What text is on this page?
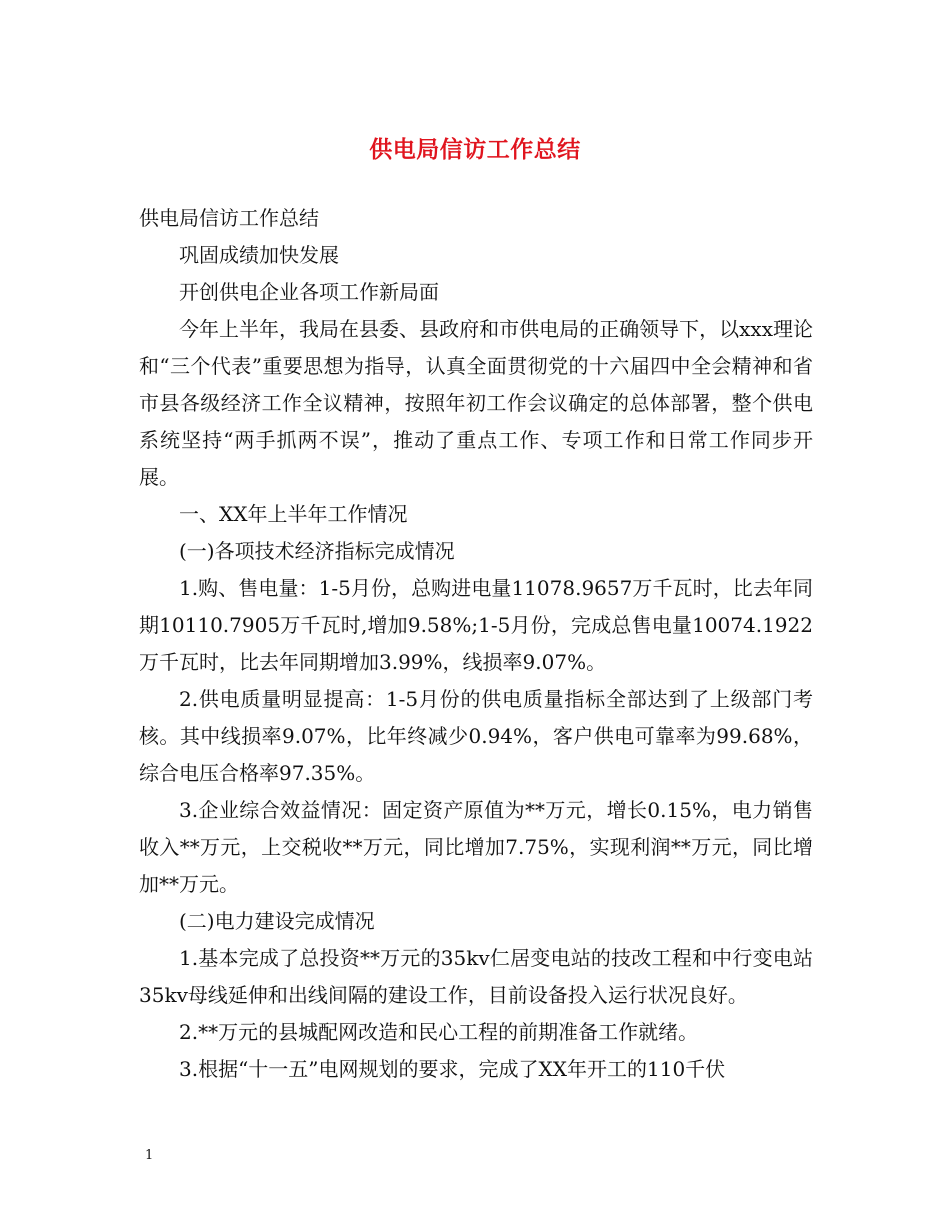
供电局信访工作总结

供电局信访工作总结

巩固成绩加快发展

开创供电企业各项工作新局面

今年上半年，我局在县委、县政府和市供电局的正确领导下，以xxx理论和“三个代表”重要思想为指导，认真全面贯彻党的十六届四中全会精神和省市县各级经济工作全议精神，按照年初工作会议确定的总体部署，整个供电系统坚持“两手抓两不误”，推动了重点工作、专项工作和日常工作同步开展。

一、XX年上半年工作情况

(一)各项技术经济指标完成情况

1.购、售电量：1-5月份，总购进电量11078.9657万千瓦时，比去年同期10110.7905万千瓦时,增加9.58%;1-5月份，完成总售电量10074.1922万千瓦时，比去年同期增加3.99%，线损率9.07%。

2.供电质量明显提高：1-5月份的供电质量指标全部达到了上级部门考核。其中线损率9.07%，比年终减少0.94%，客户供电可靠率为99.68%，综合电压合格率97.35%。

3.企业综合效益情况：固定资产原值为**万元，增长0.15%，电力销售收入**万元，上交税收**万元，同比增加7.75%，实现利润**万元，同比增加**万元。

(二)电力建设完成情况

1.基本完成了总投资**万元的35kv仁居变电站的技改工程和中行变电站35kv母线延伸和出线间隔的建设工作，目前设备投入运行状况良好。

2.**万元的县城配网改造和民心工程的前期准备工作就绪。

3.根据“十一五”电网规划的要求，完成了XX年开工的110千伏

1
